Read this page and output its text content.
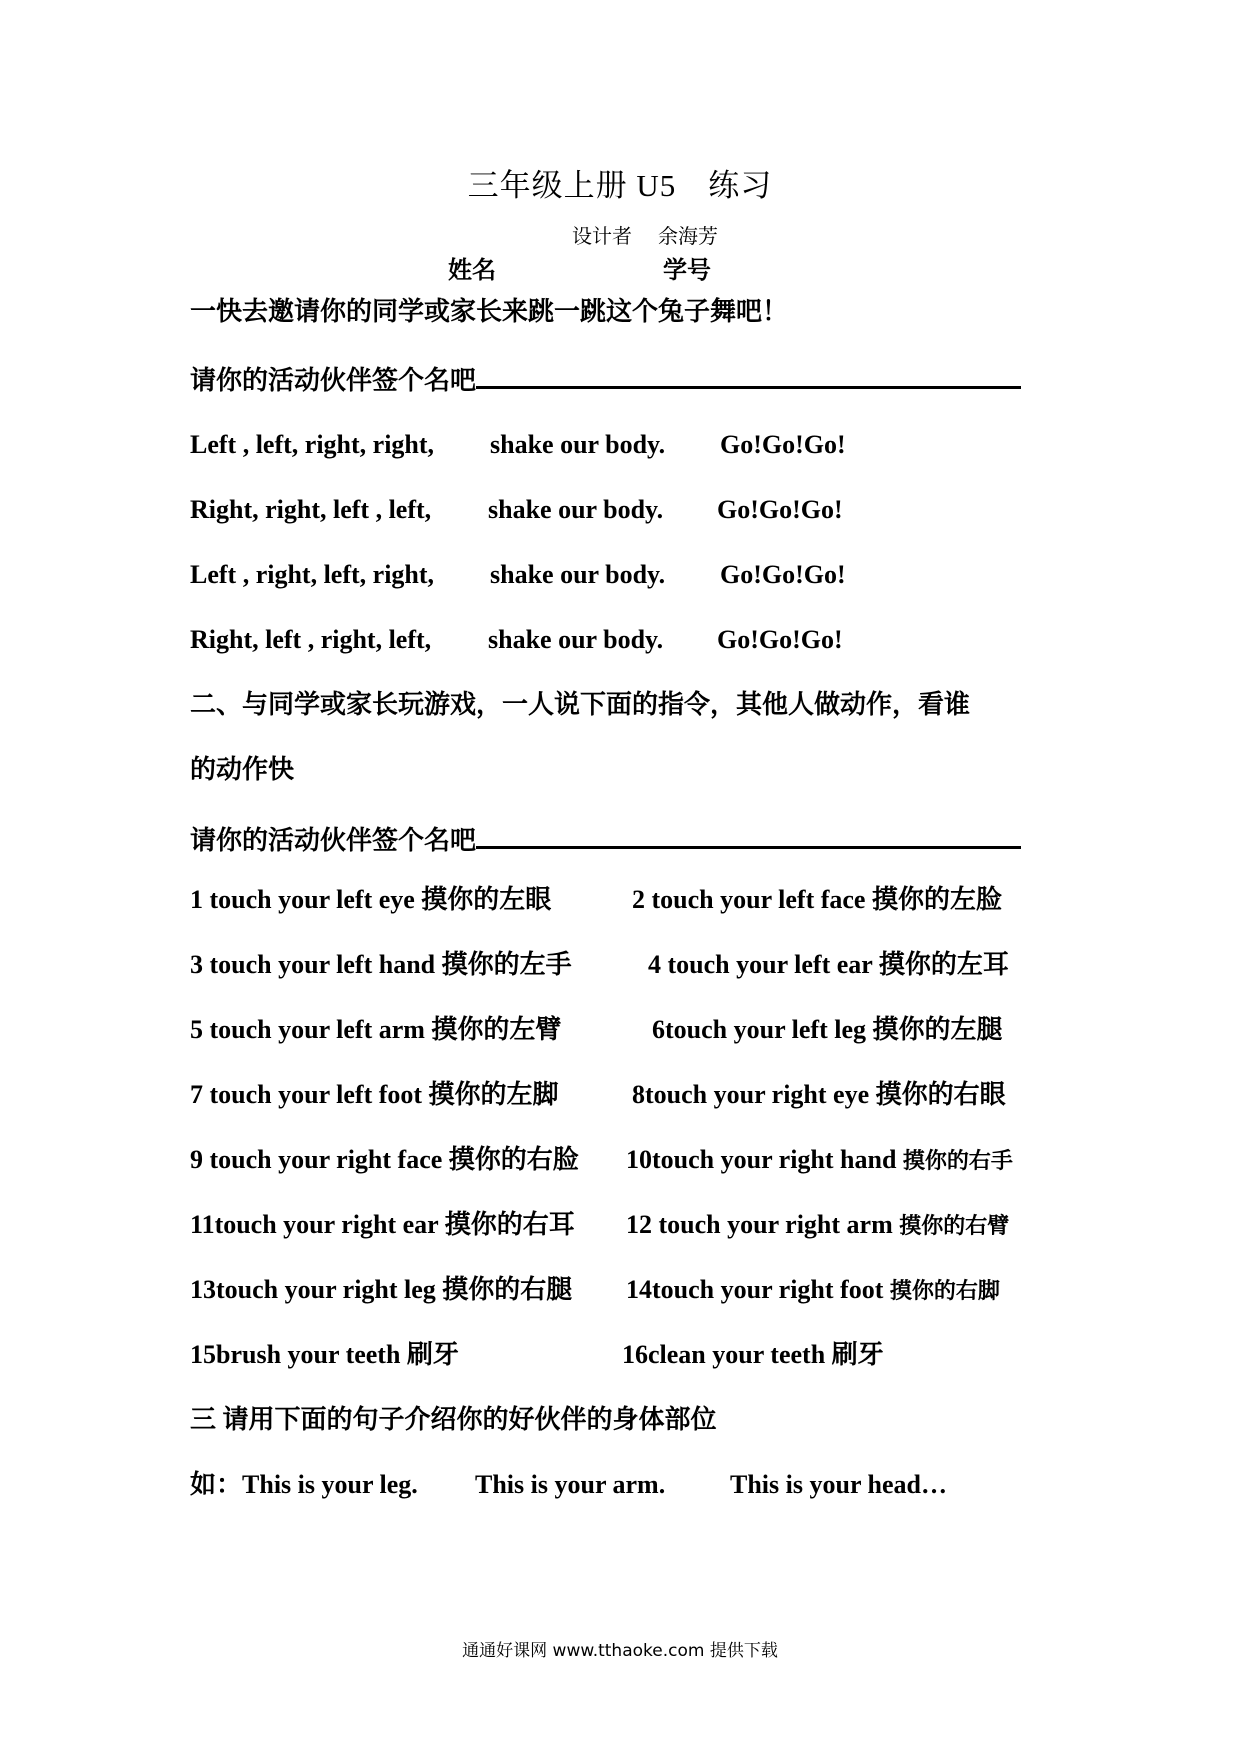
三年级上册 U5　练习
设计者 余海芳
姓名	学号
一快去邀请你的同学或家长来跳一跳这个兔子舞吧！
请你的活动伙伴签个名吧
Left , left, right, right, shake our body. Go!Go!Go!
Right, right, left , left, shake our body. Go!Go!Go!
Left , right, left, right, shake our body. Go!Go!Go!
Right, left , right, left, shake our body. Go!Go!Go!
二、与同学或家长玩游戏，一人说下面的指令，其他人做动作，看谁
的动作快
请你的活动伙伴签个名吧
1 touch your left eye 摸你的左眼	2 touch your left face 摸你的左脸
3 touch your left hand 摸你的左手	4 touch your left ear 摸你的左耳
5 touch your left arm 摸你的左臂	6touch your left leg 摸你的左腿
7 touch your left foot 摸你的左脚	8touch your right eye 摸你的右眼
9 touch your right face 摸你的右脸 10touch your right hand 摸你的右手
11touch your right ear 摸你的右耳 12 touch your right arm 摸你的右臂
13touch your right leg 摸你的右腿 14touch your right foot 摸你的右脚
15brush your teeth 刷牙	16clean your teeth 刷牙
三 请用下面的句子介绍你的好伙伴的身体部位
如：This is your leg. This is your arm. This is your head…
通通好课网 www.tthaoke.com 提供下载
